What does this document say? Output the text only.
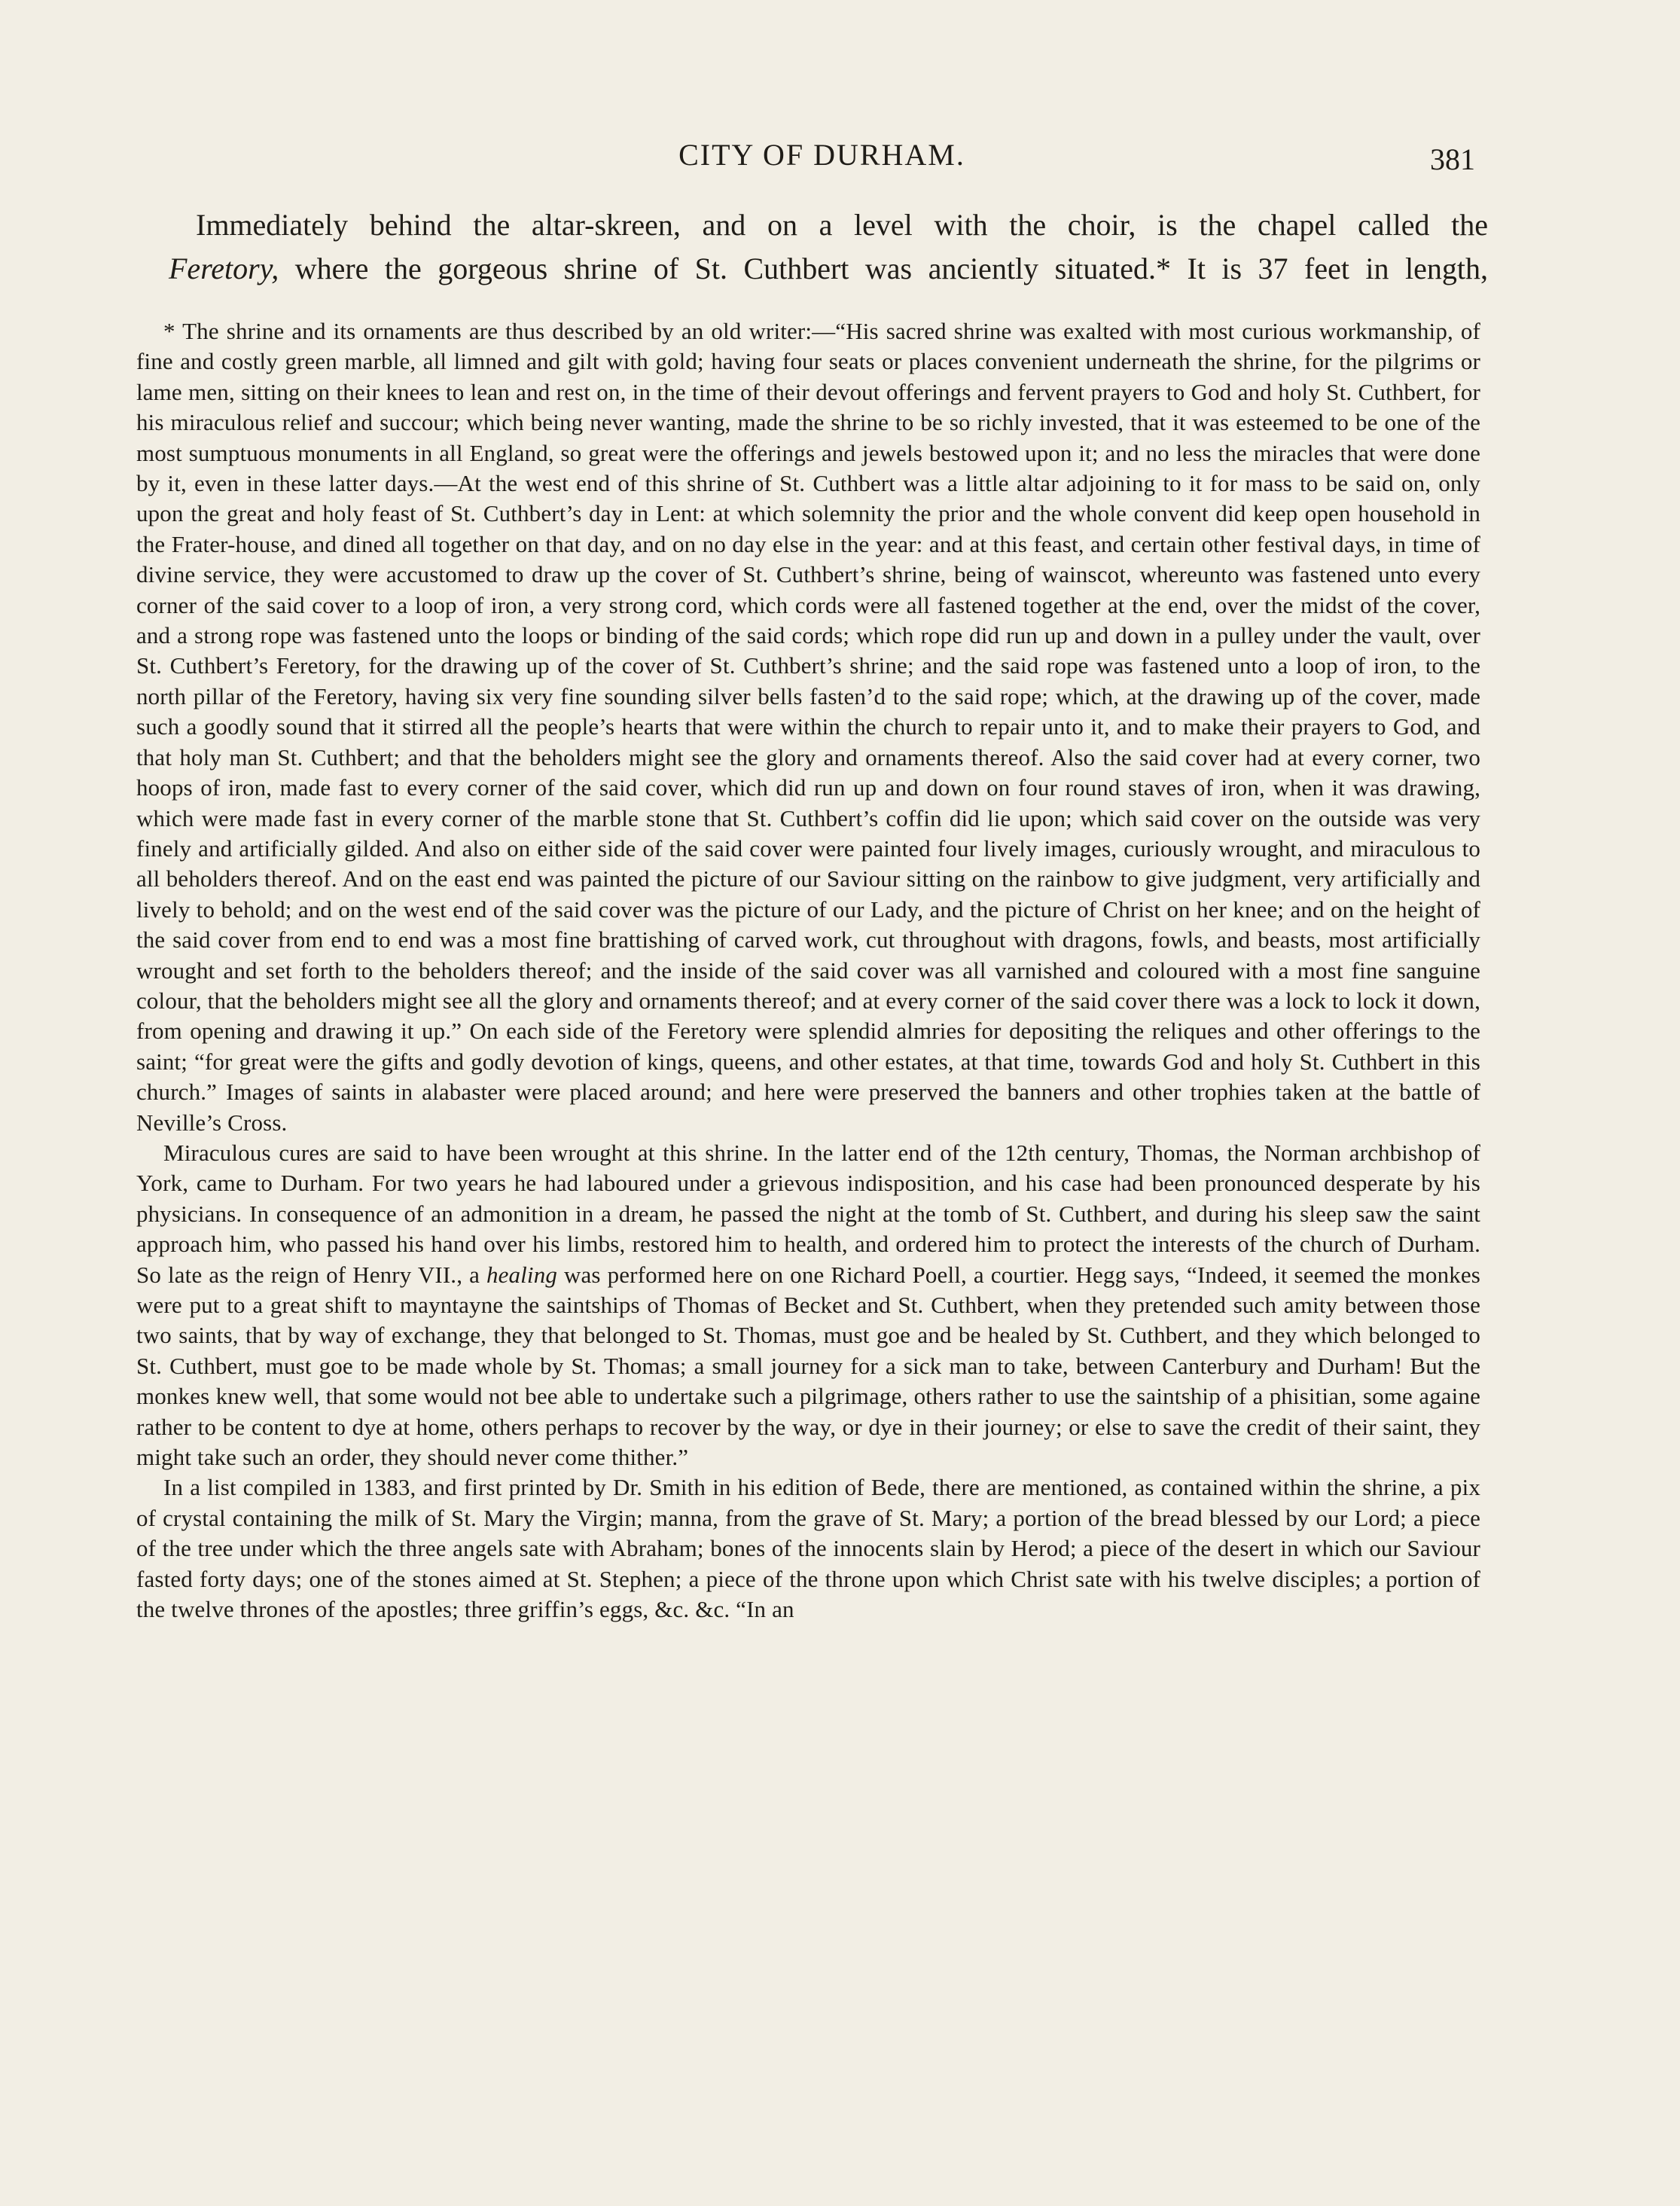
CITY OF DURHAM.	381

Immediately behind the altar-skreen, and on a level with the choir, is the chapel called the
Feretory, where the gorgeous shrine of St. Cuthbert was anciently situated.* It is 37 feet in length,

* The shrine and its ornaments are thus described by an old writer:—“His sacred shrine was exalted with most curious workmanship, of fine and costly green marble, all limned and gilt with gold; having four seats or places convenient underneath the shrine, for the pilgrims or lame men, sitting on their knees to lean and rest on, in the time of their devout offerings and fervent prayers to God and holy St. Cuthbert, for his miraculous relief and succour; which being never wanting, made the shrine to be so richly invested, that it was esteemed to be one of the most sumptuous monuments in all England, so great were the offerings and jewels bestowed upon it; and no less the miracles that were done by it, even in these latter days.—At the west end of this shrine of St. Cuthbert was a little altar adjoining to it for mass to be said on, only upon the great and holy feast of St. Cuthbert’s day in Lent: at which solemnity the prior and the whole convent did keep open household in the Frater-house, and dined all together on that day, and on no day else in the year: and at this feast, and certain other festival days, in time of divine service, they were accustomed to draw up the cover of St. Cuthbert’s shrine, being of wainscot, whereunto was fastened unto every corner of the said cover to a loop of iron, a very strong cord, which cords were all fastened together at the end, over the midst of the cover, and a strong rope was fastened unto the loops or binding of the said cords; which rope did run up and down in a pulley under the vault, over St. Cuthbert’s Feretory, for the drawing up of the cover of St. Cuthbert’s shrine; and the said rope was fastened unto a loop of iron, to the north pillar of the Feretory, having six very fine sounding silver bells fasten’d to the said rope; which, at the drawing up of the cover, made such a goodly sound that it stirred all the people’s hearts that were within the church to repair unto it, and to make their prayers to God, and that holy man St. Cuthbert; and that the beholders might see the glory and ornaments thereof. Also the said cover had at every corner, two hoops of iron, made fast to every corner of the said cover, which did run up and down on four round staves of iron, when it was drawing, which were made fast in every corner of the marble stone that St. Cuthbert’s coffin did lie upon; which said cover on the outside was very finely and artificially gilded. And also on either side of the said cover were painted four lively images, curiously wrought, and miraculous to all beholders thereof. And on the east end was painted the picture of our Saviour sitting on the rainbow to give judgment, very artificially and lively to behold; and on the west end of the said cover was the picture of our Lady, and the picture of Christ on her knee; and on the height of the said cover from end to end was a most fine brattishing of carved work, cut throughout with dragons, fowls, and beasts, most artificially wrought and set forth to the beholders thereof; and the inside of the said cover was all varnished and coloured with a most fine sanguine colour, that the beholders might see all the glory and ornaments thereof; and at every corner of the said cover there was a lock to lock it down, from opening and drawing it up.” On each side of the Feretory were splendid almries for depositing the reliques and other offerings to the saint; “for great were the gifts and godly devotion of kings, queens, and other estates, at that time, towards God and holy St. Cuthbert in this church.” Images of saints in alabaster were placed around; and here were preserved the banners and other trophies taken at the battle of Neville’s Cross.

Miraculous cures are said to have been wrought at this shrine. In the latter end of the 12th century, Thomas, the Norman archbishop of York, came to Durham. For two years he had laboured under a grievous indisposition, and his case had been pronounced desperate by his physicians. In consequence of an admonition in a dream, he passed the night at the tomb of St. Cuthbert, and during his sleep saw the saint approach him, who passed his hand over his limbs, restored him to health, and ordered him to protect the interests of the church of Durham. So late as the reign of Henry VII., a healing was performed here on one Richard Poell, a courtier. Hegg says, “Indeed, it seemed the monkes were put to a great shift to mayntayne the saintships of Thomas of Becket and St. Cuthbert, when they pretended such amity between those two saints, that by way of exchange, they that belonged to St. Thomas, must goe and be healed by St. Cuthbert, and they which belonged to St. Cuthbert, must goe to be made whole by St. Thomas; a small journey for a sick man to take, between Canterbury and Durham! But the monkes knew well, that some would not bee able to undertake such a pilgrimage, others rather to use the saintship of a phisitian, some againe rather to be content to dye at home, others perhaps to recover by the way, or dye in their journey; or else to save the credit of their saint, they might take such an order, they should never come thither.”

In a list compiled in 1383, and first printed by Dr. Smith in his edition of Bede, there are mentioned, as contained within the shrine, a pix of crystal containing the milk of St. Mary the Virgin; manna, from the grave of St. Mary; a portion of the bread blessed by our Lord; a piece of the tree under which the three angels sate with Abraham; bones of the innocents slain by Herod; a piece of the desert in which our Saviour fasted forty days; one of the stones aimed at St. Stephen; a piece of the throne upon which Christ sate with his twelve disciples; a portion of the twelve thrones of the apostles; three griffin’s eggs, &c. &c. “In an
